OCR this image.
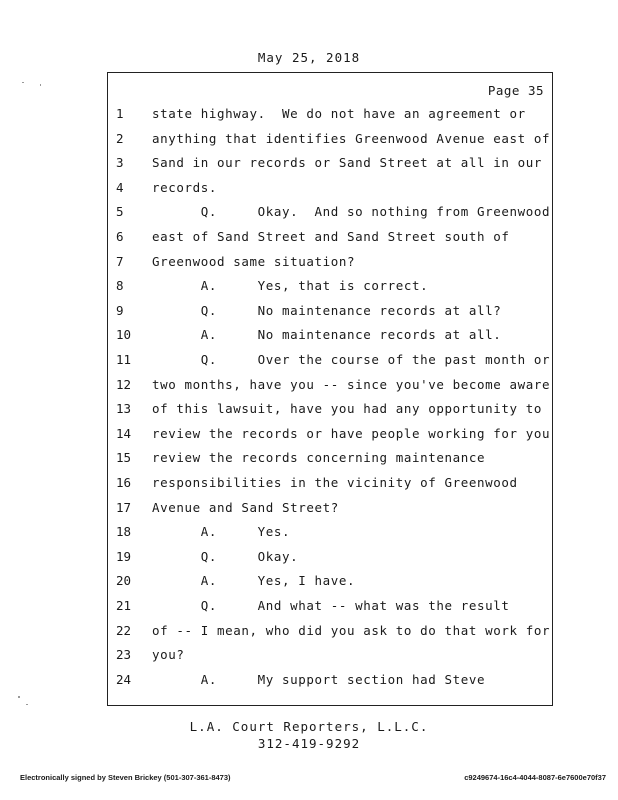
May 25, 2018
Page 35
1	state highway.  We do not have an agreement or
2	anything that identifies Greenwood Avenue east of
3	Sand in our records or Sand Street at all in our
4	records.
5	Q.     Okay.  And so nothing from Greenwood
6	east of Sand Street and Sand Street south of
7	Greenwood same situation?
8	A.     Yes, that is correct.
9	Q.     No maintenance records at all?
10	A.     No maintenance records at all.
11	Q.     Over the course of the past month or
12	two months, have you -- since you've become aware
13	of this lawsuit, have you had any opportunity to
14	review the records or have people working for you
15	review the records concerning maintenance
16	responsibilities in the vicinity of Greenwood
17	Avenue and Sand Street?
18	A.     Yes.
19	Q.     Okay.
20	A.     Yes, I have.
21	Q.     And what -- what was the result
22	of -- I mean, who did you ask to do that work for
23	you?
24	A.     My support section had Steve
L.A. Court Reporters, L.L.C.
312-419-9292
Electronically signed by Steven Brickey (501-307-361-8473)	c9249674-16c4-4044-8087-6e7600e70f37
